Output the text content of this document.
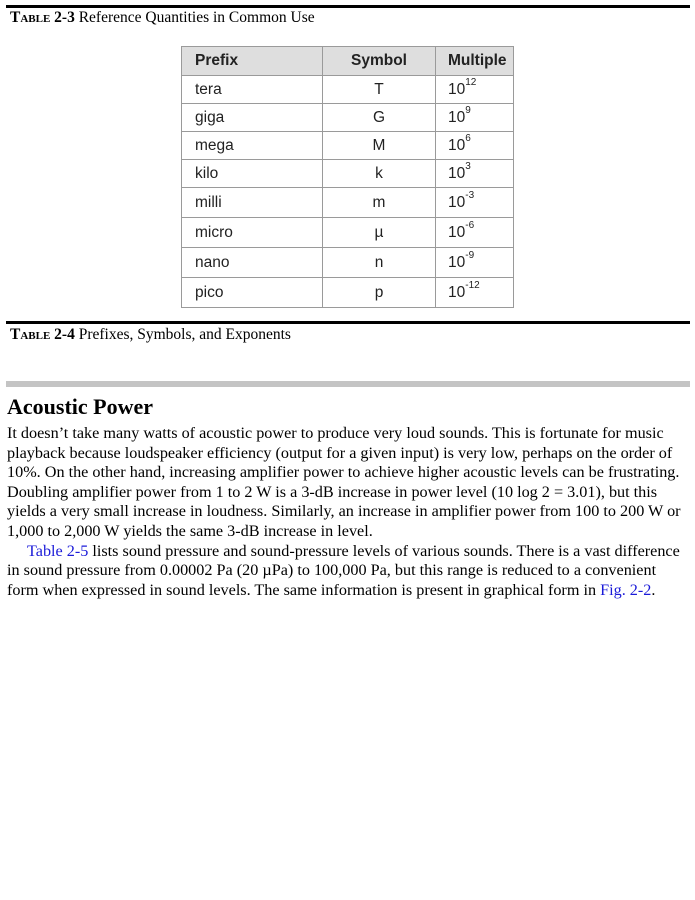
Table 2-3 Reference Quantities in Common Use
Prefix	Symbol	Multiple
tera	T	$10^{12}$
giga	G	$10^9$
mega	M	$10^6$
kilo	k	$10^3$
milli	m	$10^{-3}$
micro	µ	$10^{-6}$
nano	n	$10^{-9}$
pico	p	$10^{-12}$
Table 2-4 Prefixes, Symbols, and Exponents
Acoustic Power

It doesn’t take many watts of acoustic power to produce very loud sounds. This is fortunate for music playback because loudspeaker efficiency (output for a given input) is very low, perhaps on the order of 10%. On the other hand, increasing amplifier power to achieve higher acoustic levels can be frustrating. Doubling amplifier power from 1 to 2 W is a 3-dB increase in power level (10 log 2 = 3.01), but this yields a very small increase in loudness. Similarly, an increase in amplifier power from 100 to 200 W or 1,000 to 2,000 W yields the same 3-dB increase in level.

Table 2-5 lists sound pressure and sound-pressure levels of various sounds. There is a vast difference in sound pressure from 0.00002 Pa (20 µPa) to 100,000 Pa, but this range is reduced to a convenient form when expressed in sound levels. The same information is present in graphical form in Fig. 2-2.
